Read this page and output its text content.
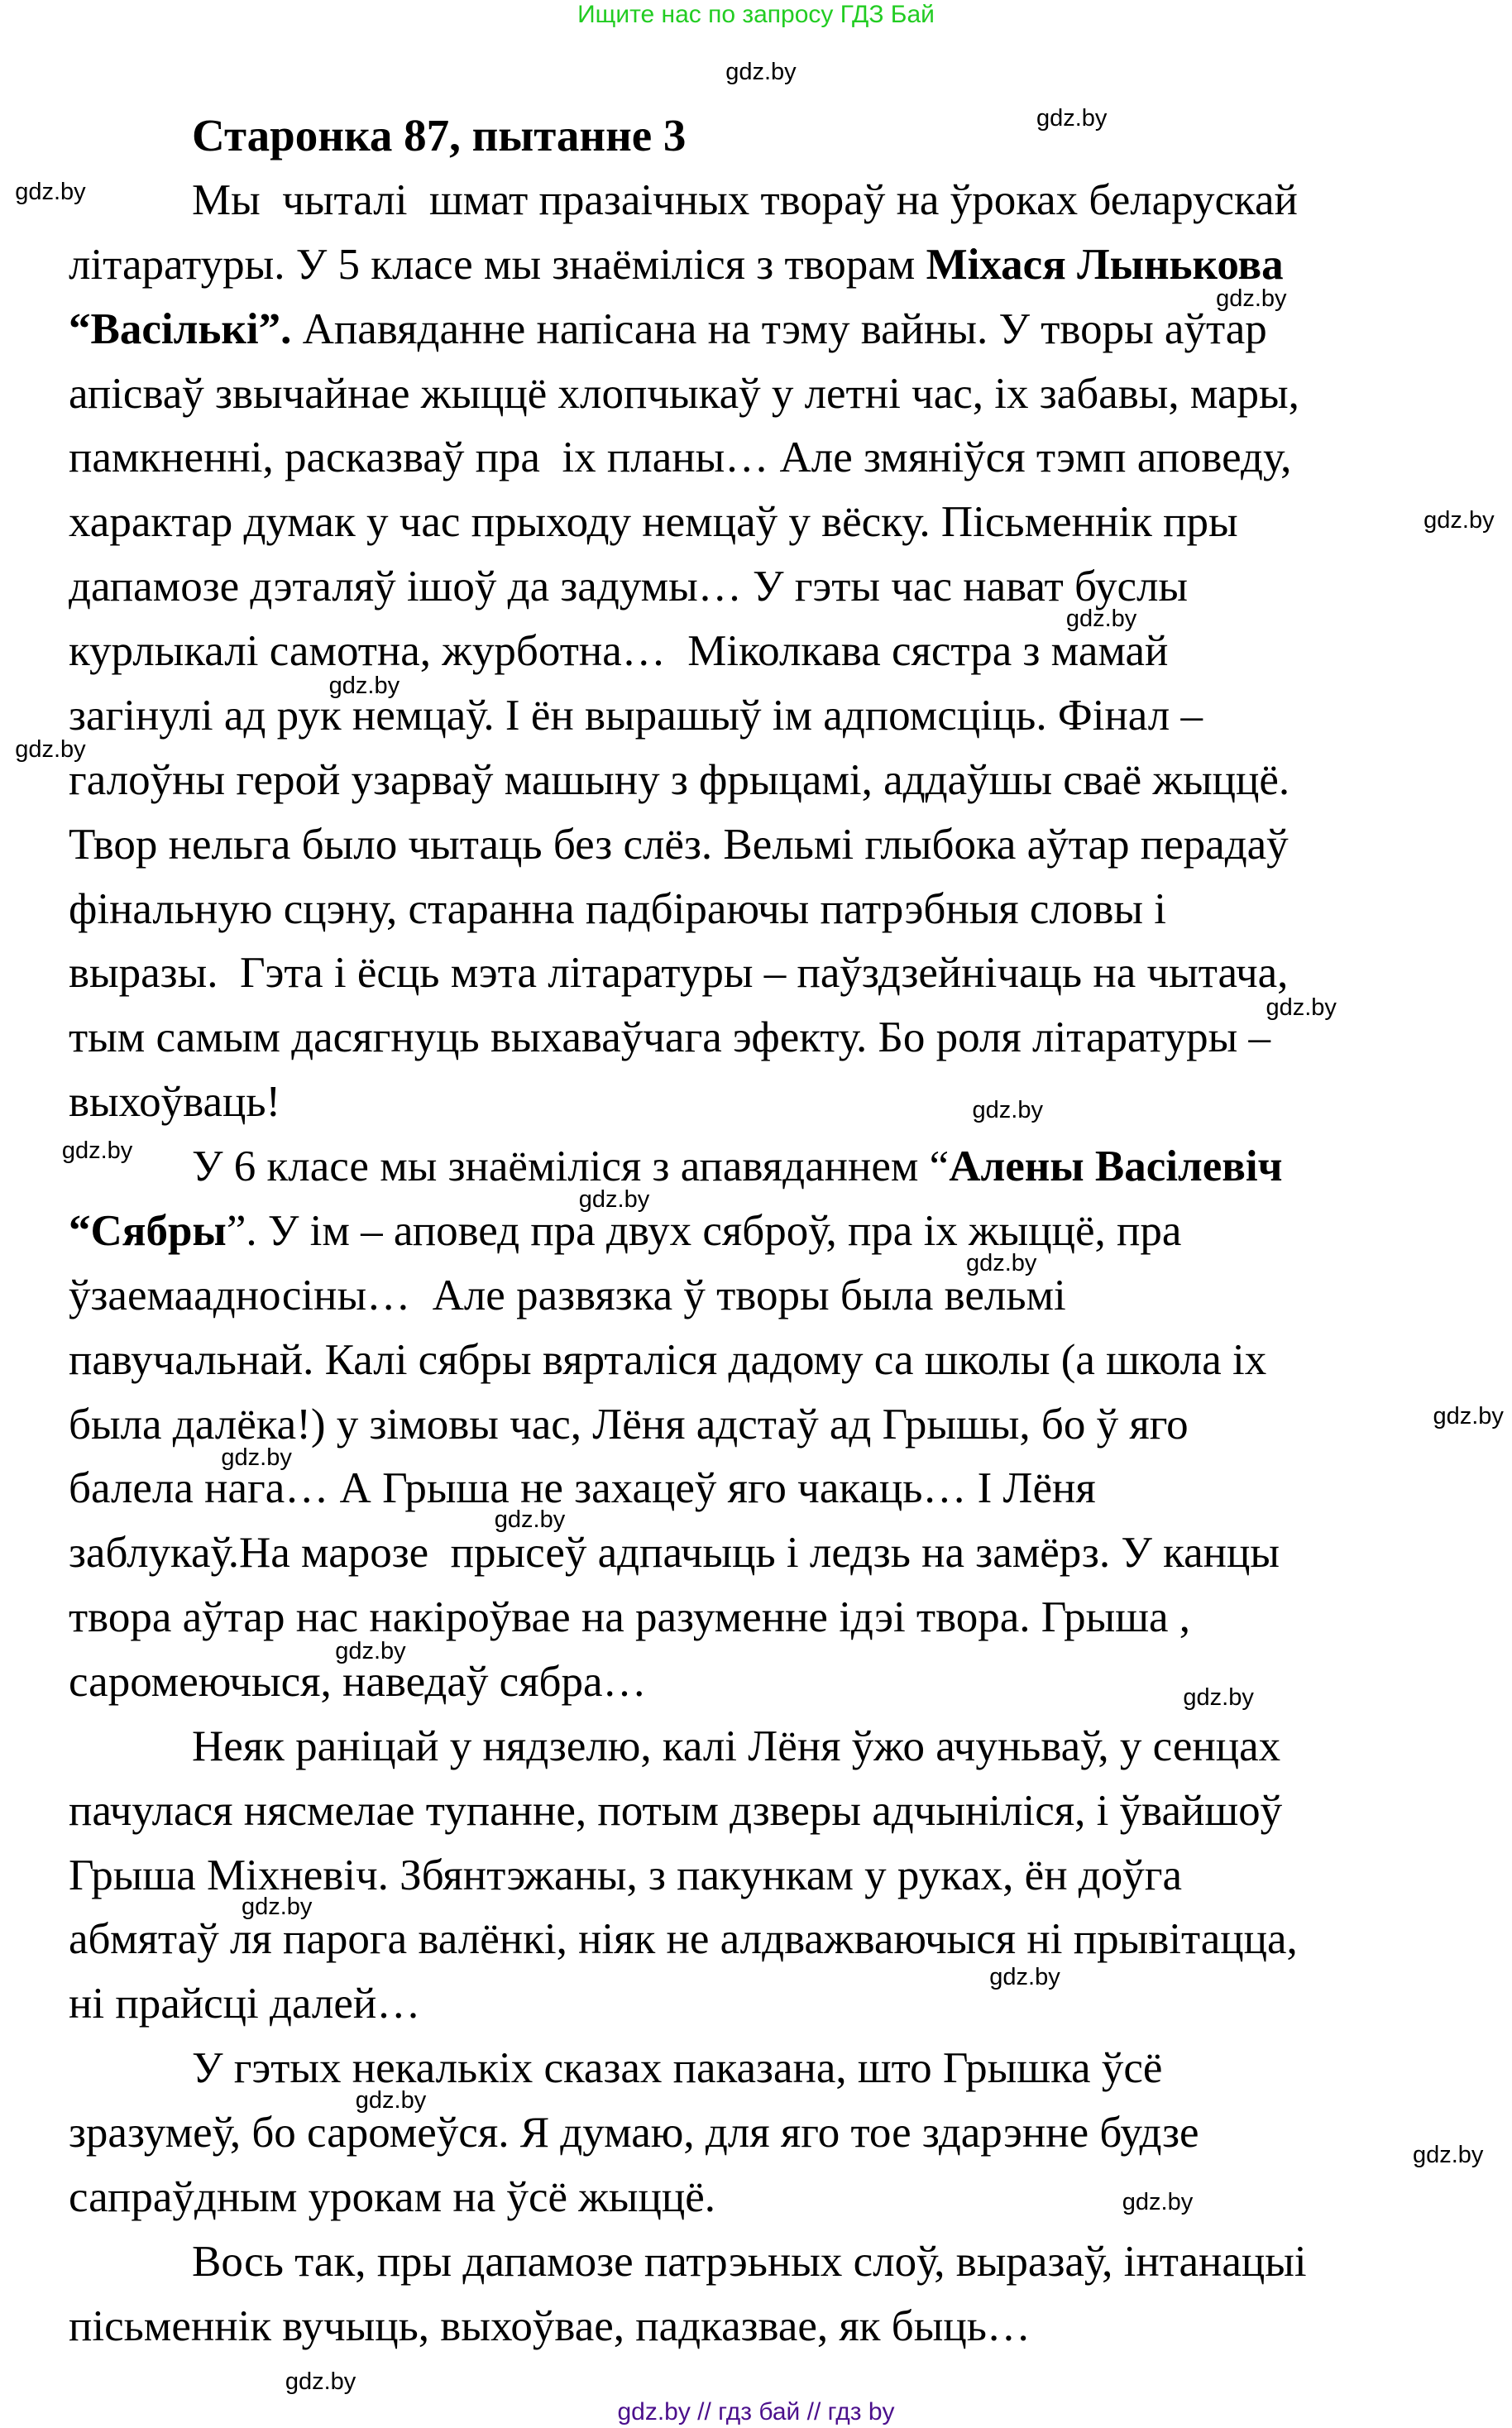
Ищите нас по запросу ГДЗ Бай
Старонка 87, пытанне 3
Мы  чыталі  шмат празаічных твораў на ўроках беларускай
літаратуры. У 5 класе мы знаёміліся з творам Міхася Лынькова
“Васількі”. Апавяданне напісана на тэму вайны. У творы аўтар
апісваў звычайнае жыццё хлопчыкаў у летні час, іх забавы, мары,
памкненні, расказваў пра  іх планы… Але змяніўся тэмп аповеду,
характар думак у час прыходу немцаў у вёску. Пісьменнік пры
дапамозе дэталяў ішоў да задумы… У гэты час нават буслы
курлыкалі самотна, журботна…  Міколкава сястра з мамай
загінулі ад рук немцаў. І ён вырашыў ім адпомсціць. Фінал –
галоўны герой узарваў машыну з фрыцамі, аддаўшы сваё жыццё.
Твор нельга было чытаць без слёз. Вельмі глыбока аўтар перадаў
фінальную сцэну, старанна падбіраючы патрэбныя словы і
выразы.  Гэта і ёсць мэта літаратуры – паўздзейнічаць на чытача,
тым самым дасягнуць выхаваўчага эфекту. Бо роля літаратуры –
выхоўваць!
У 6 класе мы знаёміліся з апавяданнем “Алены Васілевіч
“Сябры”. У ім – аповед пра двух сяброў, пра іх жыццё, пра
ўзаемаадносіны…  Але развязка ў творы была вельмі
павучальнай. Калі сябры вярталіся дадому са школы (а школа іх
была далёка!) у зімовы час, Лёня адстаў ад Грышы, бо ў яго
балела нага… А Грыша не захацеў яго чакаць… І Лёня
заблукаў.На марозе  прысеў адпачыць і ледзь на замёрз. У канцы
твора аўтар нас накіроўвае на разуменне ідэі твора. Грыша ,
саромеючыся, наведаў сябра…
Неяк раніцай у нядзелю, калі Лёня ўжо ачуньваў, у сенцах
пачулася нясмелае тупанне, потым дзверы адчыніліся, і ўвайшоў
Грыша Міхневіч. Збянтэжаны, з пакункам у руках, ён доўга
абмятаў ля парога валёнкі, ніяк не алдважваючыся ні прывітацца,
ні прайсці далей…
У гэтых некалькіх сказах паказана, што Грышка ўсё
зразумеў, бо саромеўся. Я думаю, для яго тое здарэнне будзе
сапраўдным урокам на ўсё жыццё.
Вось так, пры дапамозе патрэьных слоў, выразаў, інтанацыі
пісьменнік вучыць, выхоўвае, падказвае, як быць…
gdz.by
gdz.by
gdz.by
gdz.by
gdz.by
gdz.by
gdz.by
gdz.by
gdz.by
gdz.by
gdz.by
gdz.by
gdz.by
gdz.by
gdz.by
gdz.by
gdz.by
gdz.by
gdz.by
gdz.by
gdz.by
gdz.by
gdz.by
gdz.by
gdz.by // гдз бай // гдз by
